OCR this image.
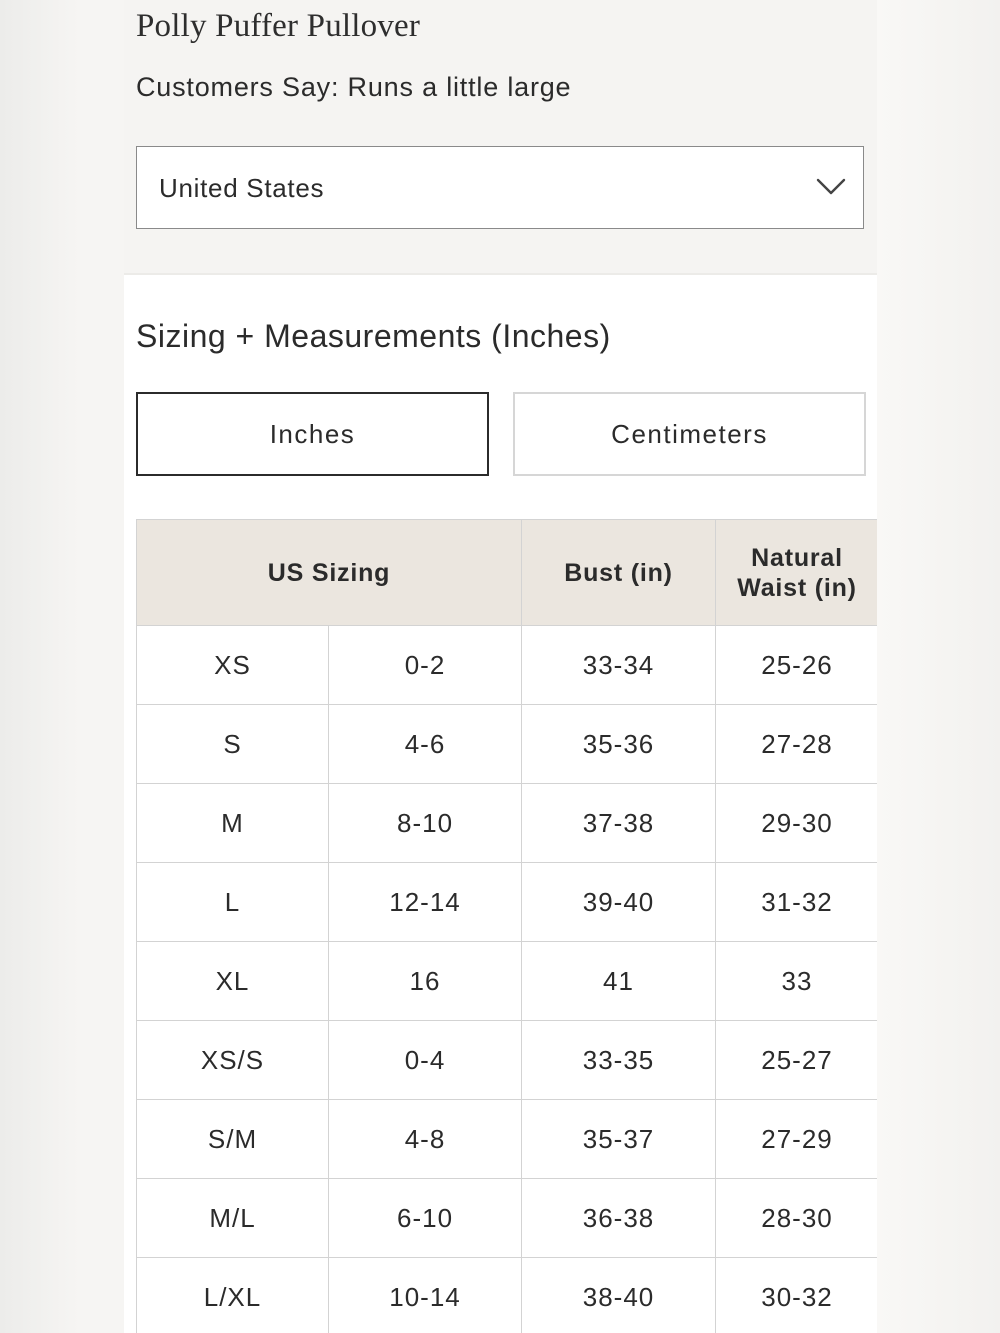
Polly Puffer Pullover
Customers Say: Runs a little large
United States
Sizing + Measurements (Inches)
Inches	Centimeters
US Sizing		Bust (in)	Natural
Waist (in)
XS	0-2	33-34	25-26
S	4-6	35-36	27-28
M	8-10	37-38	29-30
L	12-14	39-40	31-32
XL	16	41	33
XS/S	0-4	33-35	25-27
S/M	4-8	35-37	27-29
M/L	6-10	36-38	28-30
L/XL	10-14	38-40	30-32
